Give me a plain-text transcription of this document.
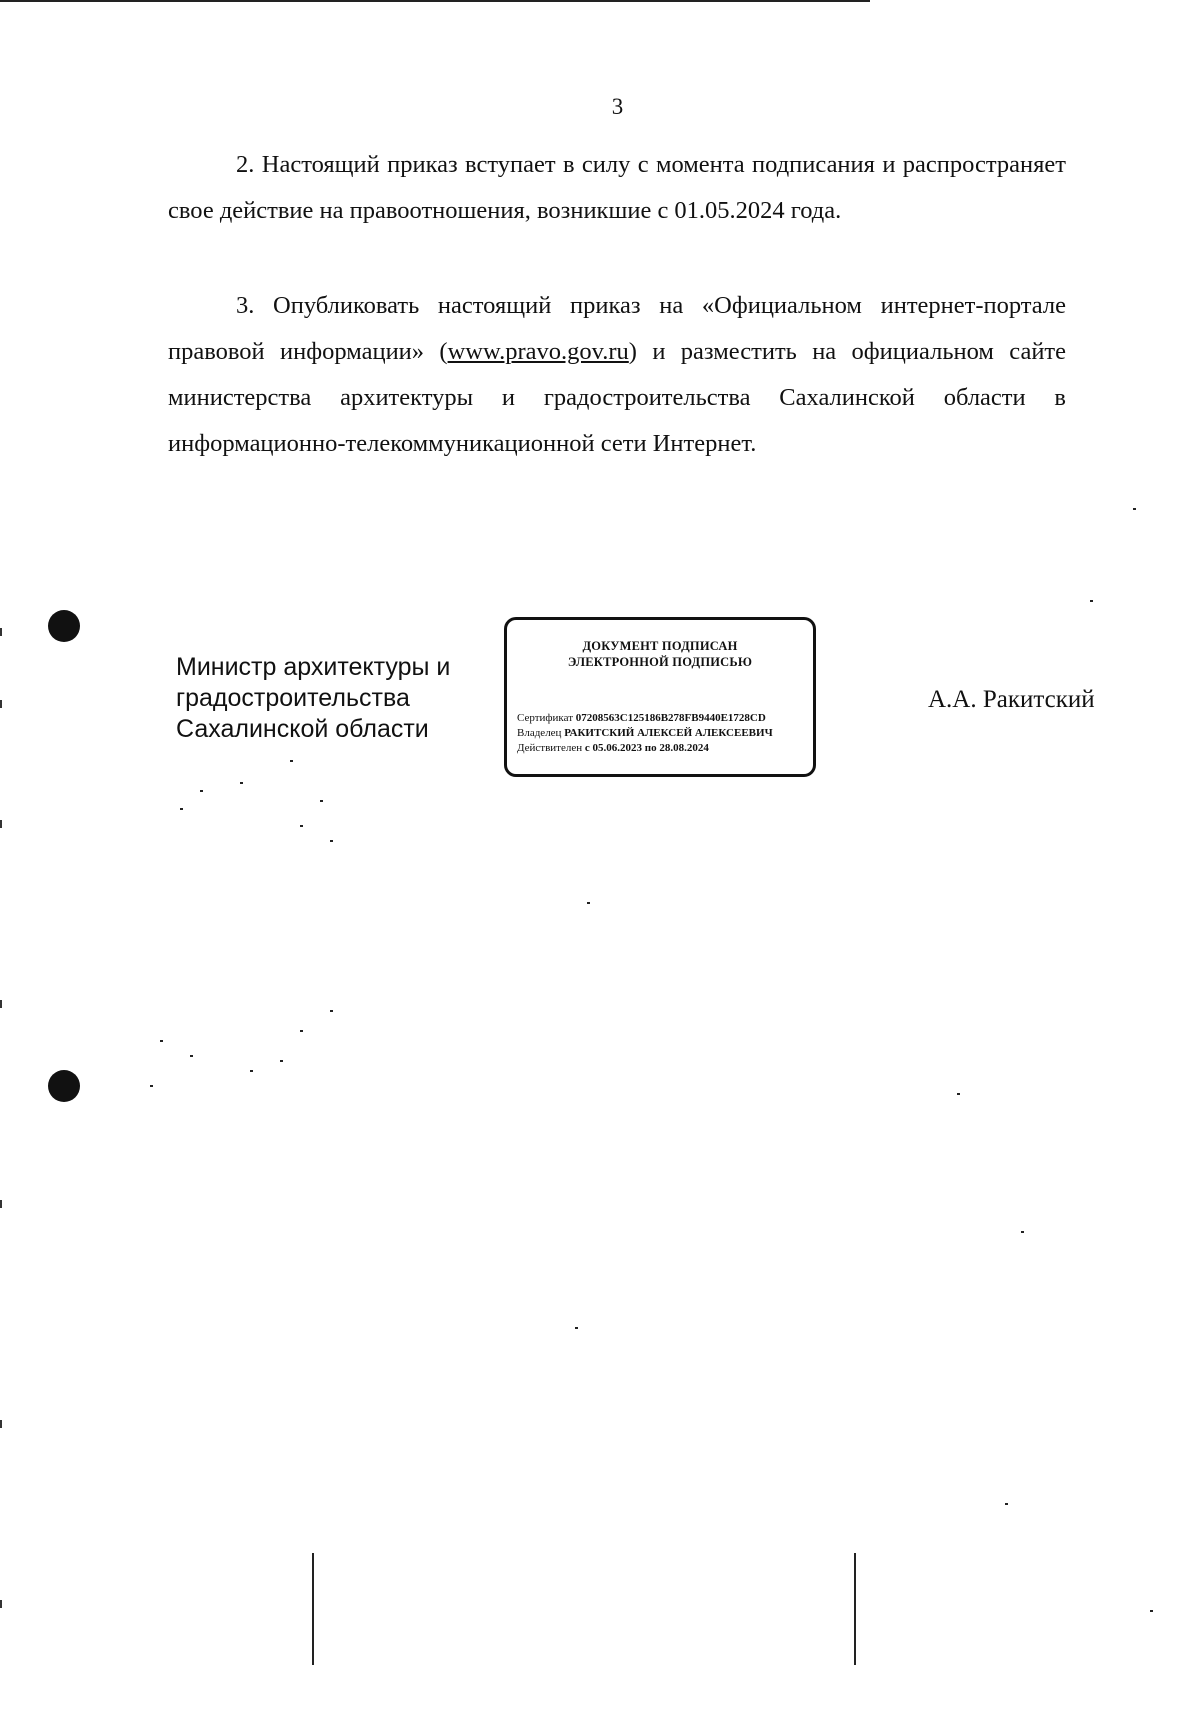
3

2. Настоящий приказ вступает в силу с момента подписания и распространяет свое действие на правоотношения, возникшие с 01.05.2024 года.

3. Опубликовать настоящий приказ на «Официальном интернет-портале правовой информации» (www.pravo.gov.ru) и разместить на официальном сайте министерства архитектуры и градостроительства Сахалинской области в информационно-телекоммуникационной сети Интернет.

Министр архитектуры и
градостроительства
Сахалинской области
ДОКУМЕНТ ПОДПИСАН
ЭЛЕКТРОННОЙ ПОДПИСЬЮ
Сертификат 07208563C125186B278FB9440E1728CD
Владелец РАКИТСКИЙ АЛЕКСЕЙ АЛЕКСЕЕВИЧ
Действителен с 05.06.2023 по 28.08.2024
А.А. Ракитский
